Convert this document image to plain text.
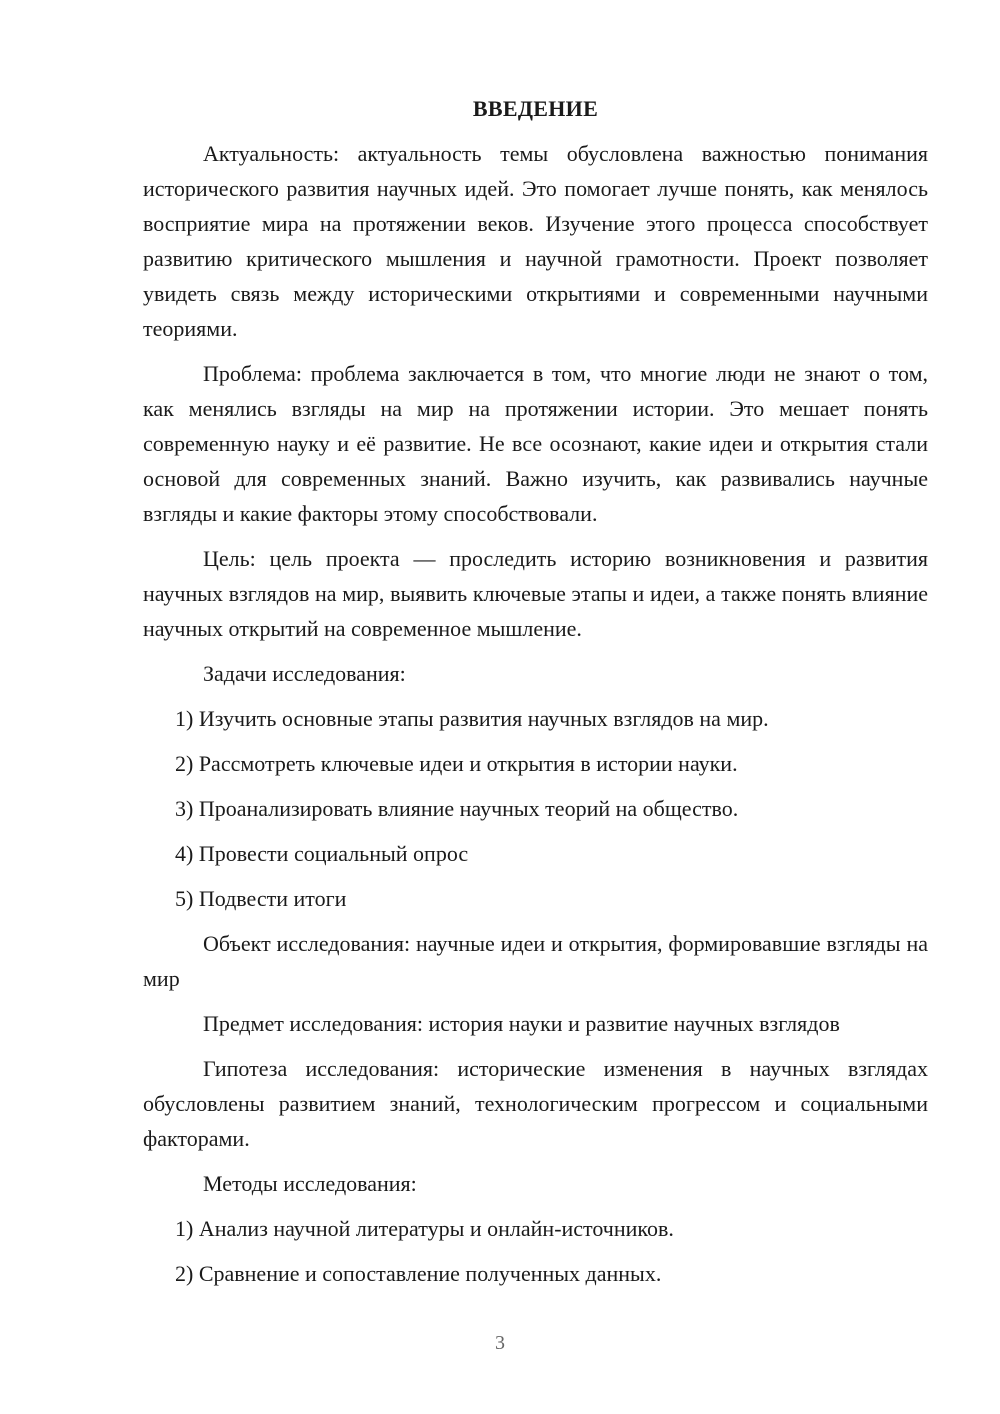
ВВЕДЕНИЕ

Актуальность: актуальность темы обусловлена важностью понимания исторического развития научных идей. Это помогает лучше понять, как менялось восприятие мира на протяжении веков. Изучение этого процесса способствует развитию критического мышления и научной грамотности. Проект позволяет увидеть связь между историческими открытиями и современными научными теориями.

Проблема: проблема заключается в том, что многие люди не знают о том, как менялись взгляды на мир на протяжении истории. Это мешает понять современную науку и её развитие. Не все осознают, какие идеи и открытия стали основой для современных знаний. Важно изучить, как развивались научные взгляды и какие факторы этому способствовали.

Цель: цель проекта — проследить историю возникновения и развития научных взглядов на мир, выявить ключевые этапы и идеи, а также понять влияние научных открытий на современное мышление.

Задачи исследования:

1) Изучить основные этапы развития научных взглядов на мир.
2) Рассмотреть ключевые идеи и открытия в истории науки.
3) Проанализировать влияние научных теорий на общество.
4) Провести социальный опрос
5) Подвести итоги

Объект исследования: научные идеи и открытия, формировавшие взгляды на мир

Предмет исследования: история науки и развитие научных взглядов

Гипотеза исследования: исторические изменения в научных взглядах обусловлены развитием знаний, технологическим прогрессом и социальными факторами.

Методы исследования:

1) Анализ научной литературы и онлайн-источников.
2) Сравнение и сопоставление полученных данных.
3
